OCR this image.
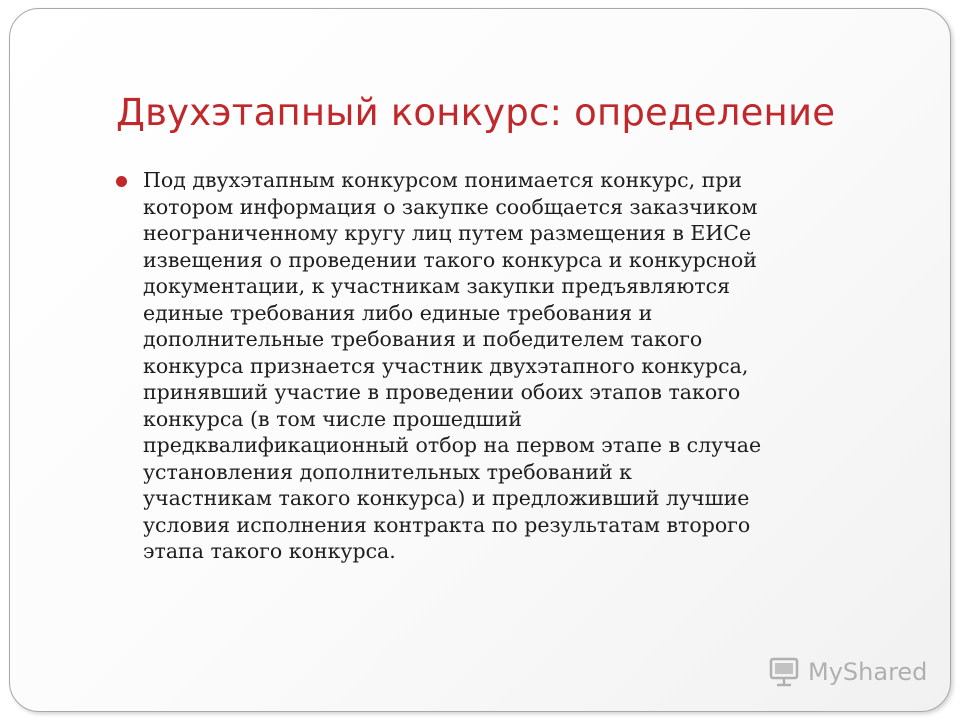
Двухэтапный конкурс: определение
Под двухэтапным конкурсом понимается конкурс, при
котором информация о закупке сообщается заказчиком
неограниченному кругу лиц путем размещения в ЕИСе
извещения о проведении такого конкурса и конкурсной
документации, к участникам закупки предъявляются
единые требования либо единые требования и
дополнительные требования и победителем такого
конкурса признается участник двухэтапного конкурса,
принявший участие в проведении обоих этапов такого
конкурса (в том числе прошедший
предквалификационный отбор на первом этапе в случае
установления дополнительных требований к
участникам такого конкурса) и предложивший лучшие
условия исполнения контракта по результатам второго
этапа такого конкурса.
MyShared
